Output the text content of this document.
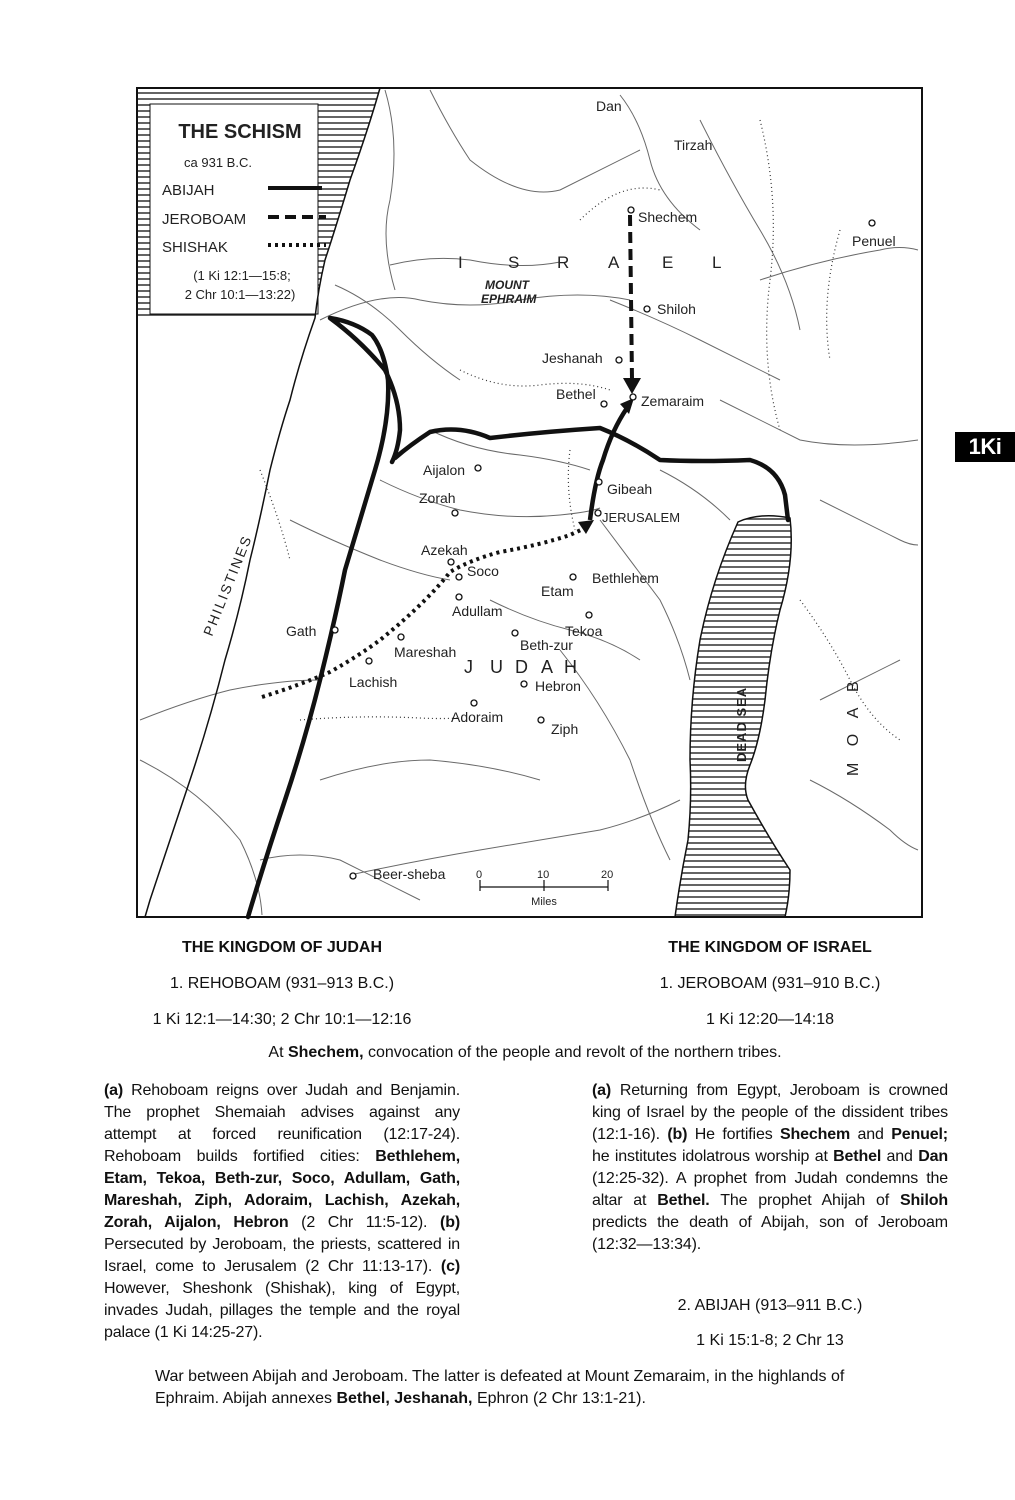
THE SCHISM
ca 931 B.C.
ABIJAH
JEROBOAM
SHISHAK
(1 Ki 12:1—15:8;
2 Chr 10:1—13:22)
I	S R A	E L
J U D A H
M O A B
PHILISTINES
DEAD SEA
MOUNT
EPHRAIM
Dan
Tirzah
Shechem
Penuel
Shiloh
Jeshanah
Bethel	Zemaraim
Aijalon
Gibeah
Zorah
JERUSALEM
Azekah
Soco	Bethlehem
Etam
Adullam
Tekoa
Gath
Beth-zur
Mareshah
Lachish	Hebron
Adoraim
Ziph
Beer-sheba	0	10	20
Miles
1Ki
THE KINGDOM OF JUDAH	THE KINGDOM OF ISRAEL
1. REHOBOAM (931–913 B.C.)	1. JEROBOAM (931–910 B.C.)
1 Ki 12:1—14:30; 2 Chr 10:1—12:16	1 Ki 12:20—14:18
At Shechem, convocation of the people and revolt of the northern tribes.
(a) Rehoboam reigns over Judah and Benjamin. The prophet Shemaiah advises against any attempt at forced reunification (12:17-24). Rehoboam builds fortified cities: Bethlehem, Etam, Tekoa, Beth-zur, Soco, Adullam, Gath, Mareshah, Ziph, Adoraim, Lachish, Azekah, Zorah, Aijalon, Hebron (2 Chr 11:5-12). (b) Persecuted by Jeroboam, the priests, scattered in Israel, come to Jerusalem (2 Chr 11:13-17). (c) However, Sheshonk (Shishak), king of Egypt, invades Judah, pillages the temple and the royal palace (1 Ki 14:25-27).
(a) Returning from Egypt, Jeroboam is crowned king of Israel by the people of the dissident tribes (12:1-16). (b) He fortifies Shechem and Penuel; he institutes idolatrous worship at Bethel and Dan (12:25-32). A prophet from Judah condemns the altar at Bethel. The prophet Ahijah of Shiloh predicts the death of Abijah, son of Jeroboam (12:32—13:34).
2. ABIJAH (913–911 B.C.)
1 Ki 15:1-8; 2 Chr 13
War between Abijah and Jeroboam. The latter is defeated at Mount Zemaraim, in the highlands of
Ephraim. Abijah annexes Bethel, Jeshanah, Ephron (2 Chr 13:1-21).
